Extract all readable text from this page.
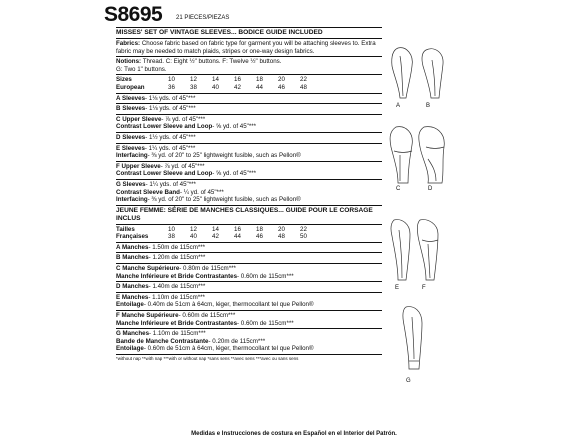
S8695 21 PIECES/PIEZAS
MISSES' SET OF VINTAGE SLEEVES... BODICE GUIDE INCLUDED
Fabrics: Choose fabric based on fabric type for garment you will be attaching sleeves to. Extra fabric may be needed to match plaids, stripes or one-way design fabrics.
Notions: Thread. C: Eight ½" buttons. F: Twelve ½" buttons.
G: Two 1" buttons.
Sizes	10	12	14	16	18	20	22	
European	36	38	40	42	44	46	48	
A Sleeves- 1⅛ yds. of 45"***
B Sleeves- 1⅛ yds. of 45"***
C Upper Sleeve- ⅞ yd. of 45"***
Contrast Lower Sleeve and Loop- ⅝ yd. of 45"***
D Sleeves- 1½ yds. of 45"***
E Sleeves- 1¼ yds. of 45"***
Interfacing- ⅜ yd. of 20" to 25" lightweight fusible, such as Pellon®
F Upper Sleeve- ⅞ yd. of 45"***
Contrast Lower Sleeve and Loop- ⅝ yd. of 45"***
G Sleeves- 1¼ yds. of 45"***
Contrast Sleeve Band- ¼ yd. of 45"***
Interfacing- ⅜ yd. of 20" to 25" lightweight fusible, such as Pellon®
JEUNE FEMME: SÉRIE DE MANCHES CLASSIQUES... GUIDE POUR LE CORSAGE INCLUS
Tailles	10	12	14	16	18	20	22	
Françaises	38	40	42	44	46	48	50	
A Manches- 1.50m de 115cm***
B Manches- 1.20m de 115cm***
C Manche Supérieure- 0.80m de 115cm***
Manche Inférieure et Bride Contrastantes- 0.60m de 115cm***
D Manches- 1.40m de 115cm***
E Manches- 1.10m de 115cm***
Entoilage- 0.40m de 51cm à 64cm, léger, thermocollant tel que Pellon®
F Manche Supérieure- 0.60m de 115cm***
Manche Inférieure et Bride Contrastantes- 0.60m de 115cm***
G Manches- 1.10m de 115cm***
Bande de Manche Contrastante- 0.20m de 115cm***
Entoilage- 0.60m de 51cm à 64cm, léger, thermocollant tel que Pellon®
*without nap **with nap ***with or without nap *sans sens **avec sens ***avec ou sans sens
A	B
C	D
E	F
G
Medidas e Instrucciones de costura en Español en el Interior del Patrón.
